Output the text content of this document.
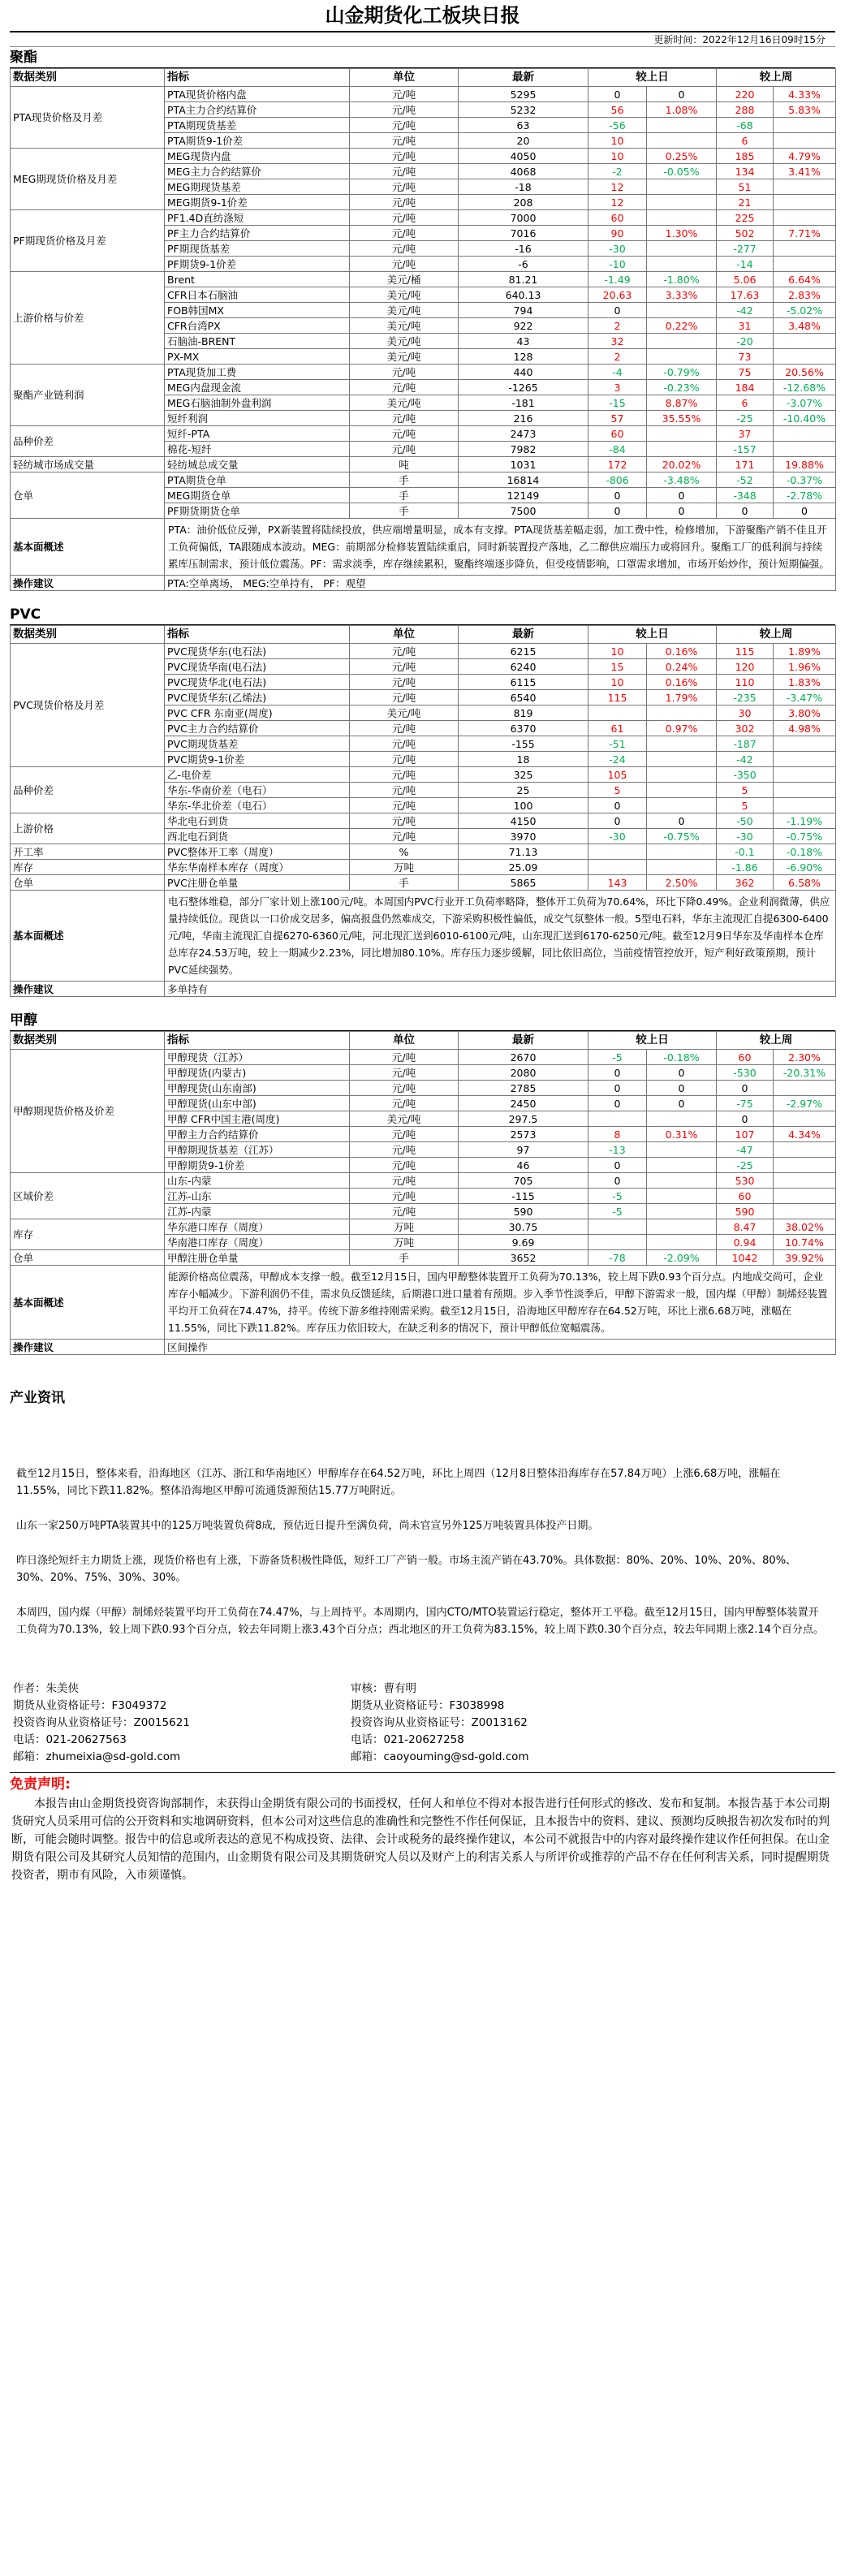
山金期货化工板块日报
更新时间：2022年12月16日09时15分
聚酯
数据类别	指标	单位	最新	较上日		较上周	
PTA现货价格及月差	PTA现货价格内盘	元/吨	5295	0	0	220	4.33%
	PTA主力合约结算价	元/吨	5232	56	1.08%	288	5.83%
	PTA期现货基差	元/吨	63	-56		-68	
	PTA期货9-1价差	元/吨	20	10		6	
MEG期现货价格及月差	MEG现货内盘	元/吨	4050	10	0.25%	185	4.79%
	MEG主力合约结算价	元/吨	4068	-2	-0.05%	134	3.41%
	MEG期现货基差	元/吨	-18	12		51	
	MEG期货9-1价差	元/吨	208	12		21	
PF期现货价格及月差	PF1.4D直纺涤短	元/吨	7000	60		225	
	PF主力合约结算价	元/吨	7016	90	1.30%	502	7.71%
	PF期现货基差	元/吨	-16	-30		-277	
	PF期货9-1价差	元/吨	-6	-10		-14	
上游价格与价差	Brent	美元/桶	81.21	-1.49	-1.80%	5.06	6.64%
	CFR日本石脑油	美元/吨	640.13	20.63	3.33%	17.63	2.83%
	FOB韩国MX	美元/吨	794	0		-42	-5.02%
	CFR台湾PX	美元/吨	922	2	0.22%	31	3.48%
	石脑油-BRENT	美元/吨	43	32		-20	
	PX-MX	美元/吨	128	2		73	
聚酯产业链利润	PTA现货加工费	元/吨	440	-4	-0.79%	75	20.56%
	MEG内盘现金流	元/吨	-1265	3	-0.23%	184	-12.68%
	MEG石脑油制外盘利润	美元/吨	-181	-15	8.87%	6	-3.07%
	短纤利润	元/吨	216	57	35.55%	-25	-10.40%
品种价差	短纤-PTA	元/吨	2473	60		37	
	棉花-短纤	元/吨	7982	-84		-157	
轻纺城市场成交量	轻纺城总成交量	吨	1031	172	20.02%	171	19.88%
仓单	PTA期货仓单	手	16814	-806	-3.48%	-52	-0.37%
	MEG期货仓单	手	12149	0	0	-348	-2.78%
	PF期货期货仓单	手	7500	0	0	0	0
基本面概述	PTA：油价低位反弹，PX新装置将陆续投放，供应端增量明显，成本有支撑。PTA现货基差幅走弱，加工费中性，检修增加，下游聚酯产销不佳且开工负荷偏低，TA跟随成本波动。MEG：前期部分检修装置陆续重启，同时新装置投产落地，乙二醇供应端压力或将回升。聚酯工厂的低利润与持续累库压制需求，预计低位震荡。PF：需求淡季，库存继续累积，聚酯终端逐步降负，但受疫情影响，口罩需求增加，市场开始炒作，预计短期偏强。						
操作建议	PTA:空单离场， MEG:空单持有， PF：观望						
PVC
数据类别	指标	单位	最新	较上日		较上周	
PVC现货价格及月差	PVC现货华东(电石法)	元/吨	6215	10	0.16%	115	1.89%
	PVC现货华南(电石法)	元/吨	6240	15	0.24%	120	1.96%
	PVC现货华北(电石法)	元/吨	6115	10	0.16%	110	1.83%
	PVC现货华东(乙烯法)	元/吨	6540	115	1.79%	-235	-3.47%
	PVC CFR 东南亚(周度)	美元/吨	819			30	3.80%
	PVC主力合约结算价	元/吨	6370	61	0.97%	302	4.98%
	PVC期现货基差	元/吨	-155	-51		-187	
	PVC期货9-1价差	元/吨	18	-24		-42	
品种价差	乙-电价差	元/吨	325	105		-350	
	华东-华南价差（电石）	元/吨	25	5		5	
	华东-华北价差（电石）	元/吨	100	0		5	
上游价格	华北电石到货	元/吨	4150	0	0	-50	-1.19%
	西北电石到货	元/吨	3970	-30	-0.75%	-30	-0.75%
开工率	PVC整体开工率（周度）	%	71.13			-0.1	-0.18%
库存	华东华南样本库存（周度）	万吨	25.09			-1.86	-6.90%
仓单	PVC注册仓单量	手	5865	143	2.50%	362	6.58%
基本面概述	电石整体维稳，部分厂家计划上涨100元/吨。本周国内PVC行业开工负荷率略降，整体开工负荷为70.64%，环比下降0.49%。企业利润微薄，供应量持续低位。现货以一口价成交居多，偏高报盘仍然难成交，下游采购积极性偏低，成交气氛整体一般。5型电石料，华东主流现汇自提6300-6400元/吨，华南主流现汇自提6270-6360元/吨，河北现汇送到6010-6100元/吨，山东现汇送到6170-6250元/吨。截至12月9日华东及华南样本仓库总库存24.53万吨，较上一期减少2.23%，同比增加80.10%。库存压力逐步缓解，同比依旧高位，当前疫情管控放开，短产利好政策预期，预计PVC延续强势。						
操作建议	多单持有						
甲醇
数据类别	指标	单位	最新	较上日		较上周	
甲醇期现货价格及价差	甲醇现货（江苏）	元/吨	2670	-5	-0.18%	60	2.30%
	甲醇现货(内蒙古)	元/吨	2080	0	0	-530	-20.31%
	甲醇现货(山东南部)	元/吨	2785	0	0	0	
	甲醇现货(山东中部)	元/吨	2450	0	0	-75	-2.97%
	甲醇 CFR中国主港(周度)	美元/吨	297.5			0	
	甲醇主力合约结算价	元/吨	2573	8	0.31%	107	4.34%
	甲醇期现货基差（江苏）	元/吨	97	-13		-47	
	甲醇期货9-1价差	元/吨	46	0		-25	
区域价差	山东-内蒙	元/吨	705	0		530	
	江苏-山东	元/吨	-115	-5		60	
	江苏-内蒙	元/吨	590	-5		590	
库存	华东港口库存（周度）	万吨	30.75			8.47	38.02%
	华南港口库存（周度）	万吨	9.69			0.94	10.74%
仓单	甲醇注册仓单量	手	3652	-78	-2.09%	1042	39.92%
基本面概述	能源价格高位震荡，甲醇成本支撑一般。截至12月15日，国内甲醇整体装置开工负荷为70.13%，较上周下跌0.93个百分点。内地成交尚可，企业库存小幅减少。下游利润仍不佳，需求负反馈延续，后期港口进口量着有预期。步入季节性淡季后，甲醇下游需求一般，国内煤（甲醇）制烯烃装置平均开工负荷在74.47%，持平。传统下游多维持刚需采购。截至12月15日，沿海地区甲醇库存在64.52万吨，环比上涨6.68万吨，涨幅在11.55%，同比下跌11.82%。库存压力依旧较大，在缺乏利多的情况下，预计甲醇低位宽幅震荡。						
操作建议	区间操作						
产业资讯

截至12月15日，整体来看，沿海地区（江苏、浙江和华南地区）甲醇库存在64.52万吨，环比上周四（12月8日整体沿海库存在57.84万吨）上涨6.68万吨，涨幅在11.55%，同比下跌11.82%。整体沿海地区甲醇可流通货源预估15.77万吨附近。

山东一家250万吨PTA装置其中的125万吨装置负荷8成，预估近日提升至满负荷，尚未官宣另外125万吨装置具体投产日期。

昨日涤纶短纤主力期货上涨，现货价格也有上涨，下游备货积极性降低，短纤工厂产销一般。市场主流产销在43.70%。具体数据：80%、20%、10%、20%、80%、30%、20%、75%、30%、30%。

本周四，国内煤（甲醇）制烯烃装置平均开工负荷在74.47%，与上周持平。本周期内，国内CTO/MTO装置运行稳定，整体开工平稳。截至12月15日，国内甲醇整体装置开工负荷为70.13%，较上周下跌0.93个百分点，较去年同期上涨3.43个百分点；西北地区的开工负荷为83.15%，较上周下跌0.30个百分点，较去年同期上涨2.14个百分点。

作者：朱美侠
期货从业资格证号：F3049372
投资咨询从业资格证号：Z0015621
电话：021-20627563
邮箱：zhumeixia@sd-gold.com
审核：曹有明
期货从业资格证号：F3038998
投资咨询从业资格证号：Z0013162
电话：021-20627258
邮箱：caoyouming@sd-gold.com
免责声明:
本报告由山金期货投资咨询部制作，未获得山金期货有限公司的书面授权，任何人和单位不得对本报告进行任何形式的修改、发布和复制。本报告基于本公司期货研究人员采用可信的公开资料和实地调研资料，但本公司对这些信息的准确性和完整性不作任何保证，且本报告中的资料、建议、预测均反映报告初次发布时的判断，可能会随时调整。报告中的信息或所表达的意见不构成投资、法律、会计或税务的最终操作建议，本公司不就报告中的内容对最终操作建议作任何担保。在山金期货有限公司及其研究人员知情的范围内，山金期货有限公司及其期货研究人员以及财产上的利害关系人与所评价或推荐的产品不存在任何利害关系，同时提醒期货投资者，期市有风险，入市须谨慎。
